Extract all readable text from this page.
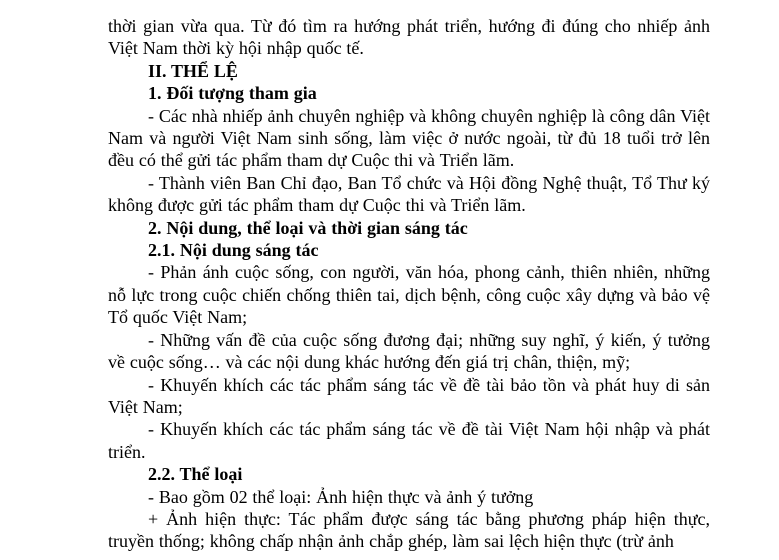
thời gian vừa qua. Từ đó tìm ra hướng phát triển, hướng đi đúng cho nhiếp ảnh Việt Nam thời kỳ hội nhập quốc tế.

II. THỂ LỆ

1. Đối tượng tham gia

- Các nhà nhiếp ảnh chuyên nghiệp và không chuyên nghiệp là công dân Việt Nam và người Việt Nam sinh sống, làm việc ở nước ngoài, từ đủ 18 tuổi trở lên đều có thể gửi tác phẩm tham dự Cuộc thi và Triển lãm.

- Thành viên Ban Chỉ đạo, Ban Tổ chức và Hội đồng Nghệ thuật, Tổ Thư ký không được gửi tác phẩm tham dự Cuộc thi và Triển lãm.

2. Nội dung, thể loại và thời gian sáng tác

2.1. Nội dung sáng tác

- Phản ánh cuộc sống, con người, văn hóa, phong cảnh, thiên nhiên, những nỗ lực trong cuộc chiến chống thiên tai, dịch bệnh, công cuộc xây dựng và bảo vệ Tổ quốc Việt Nam;

- Những vấn đề của cuộc sống đương đại; những suy nghĩ, ý kiến, ý tưởng về cuộc sống… và các nội dung khác hướng đến giá trị chân, thiện, mỹ;

- Khuyến khích các tác phẩm sáng tác về đề tài bảo tồn và phát huy di sản Việt Nam;

- Khuyến khích các tác phẩm sáng tác về đề tài Việt Nam hội nhập và phát triển.

2.2. Thể loại

- Bao gồm 02 thể loại: Ảnh hiện thực và ảnh ý tưởng

+ Ảnh hiện thực: Tác phẩm được sáng tác bằng phương pháp hiện thực, truyền thống; không chấp nhận ảnh chắp ghép, làm sai lệch hiện thực (trừ ảnh
